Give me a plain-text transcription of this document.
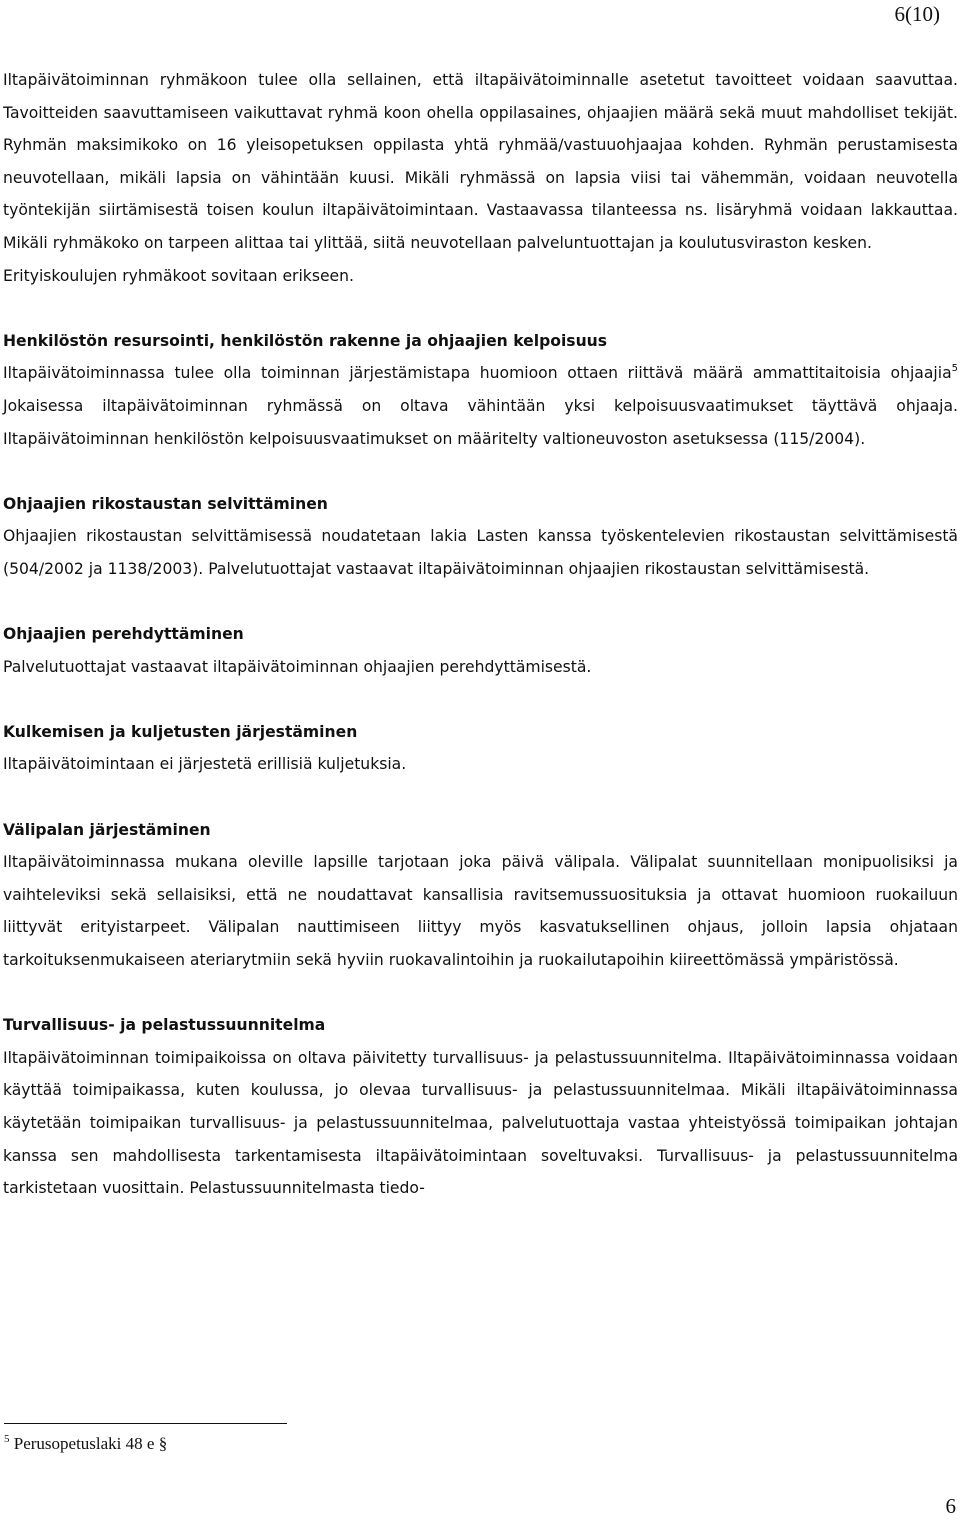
6(10)

Iltapäivätoiminnan ryhmäkoon tulee olla sellainen, että iltapäivätoiminnalle asetetut tavoitteet voidaan saavuttaa. Tavoitteiden saavuttamiseen vaikuttavat ryhmä koon ohella oppilasaines, ohjaajien määrä sekä muut mahdolliset tekijät. Ryhmän maksimikoko on 16 yleisopetuksen oppilasta yhtä ryhmää/vastuuohjaajaa kohden. Ryhmän perustamisesta neuvotellaan, mikäli lapsia on vähintään kuusi. Mikäli ryhmässä on lapsia viisi tai vähemmän, voidaan neuvotella työntekijän siirtämisestä toisen koulun iltapäivätoimintaan. Vastaavassa tilanteessa ns. lisäryhmä voidaan lakkauttaa. Mikäli ryhmäkoko on tarpeen alittaa tai ylittää, siitä neuvotellaan palveluntuottajan ja koulutusviraston kesken.

Erityiskoulujen ryhmäkoot sovitaan erikseen.

Henkilöstön resursointi, henkilöstön rakenne ja ohjaajien kelpoisuus

Iltapäivätoiminnassa tulee olla toiminnan järjestämistapa huomioon ottaen riittävä määrä ammattitaitoisia ohjaajia$^5$ Jokaisessa iltapäivätoiminnan ryhmässä on oltava vähintään yksi kelpoisuusvaatimukset täyttävä ohjaaja. Iltapäivätoiminnan henkilöstön kelpoisuusvaatimukset on määritelty valtioneuvoston asetuksessa (115/2004).

Ohjaajien rikostaustan selvittäminen

Ohjaajien rikostaustan selvittämisessä noudatetaan lakia Lasten kanssa työskentelevien rikostaustan selvittämisestä (504/2002 ja 1138/2003). Palvelutuottajat vastaavat iltapäivätoiminnan ohjaajien rikostaustan selvittämisestä.

Ohjaajien perehdyttäminen

Palvelutuottajat vastaavat iltapäivätoiminnan ohjaajien perehdyttämisestä.

Kulkemisen ja kuljetusten järjestäminen

Iltapäivätoimintaan ei järjestetä erillisiä kuljetuksia.

Välipalan järjestäminen

Iltapäivätoiminnassa mukana oleville lapsille tarjotaan joka päivä välipala. Välipalat suunnitellaan monipuolisiksi ja vaihteleviksi sekä sellaisiksi, että ne noudattavat kansallisia ravitsemussuosituksia ja ottavat huomioon ruokailuun liittyvät erityistarpeet. Välipalan nauttimiseen liittyy myös kasvatuksellinen ohjaus, jolloin lapsia ohjataan tarkoituksenmukaiseen ateriarytmiin sekä hyviin ruokavalintoihin ja ruokailutapoihin kiireettömässä ympäristössä.

Turvallisuus- ja pelastussuunnitelma

Iltapäivätoiminnan toimipaikoissa on oltava päivitetty turvallisuus- ja pelastussuunnitelma. Iltapäivätoiminnassa voidaan käyttää toimipaikassa, kuten koulussa, jo olevaa turvallisuus- ja pelastussuunnitelmaa. Mikäli iltapäivätoiminnassa käytetään toimipaikan turvallisuus- ja pelastussuunnitelmaa, palvelutuottaja vastaa yhteistyössä toimipaikan johtajan kanssa sen mahdollisesta tarkentamisesta iltapäivätoimintaan soveltuvaksi. Turvallisuus- ja pelastussuunnitelma tarkistetaan vuosittain. Pelastussuunnitelmasta tiedo-

$^5$ Perusopetuslaki 48 e §
6
